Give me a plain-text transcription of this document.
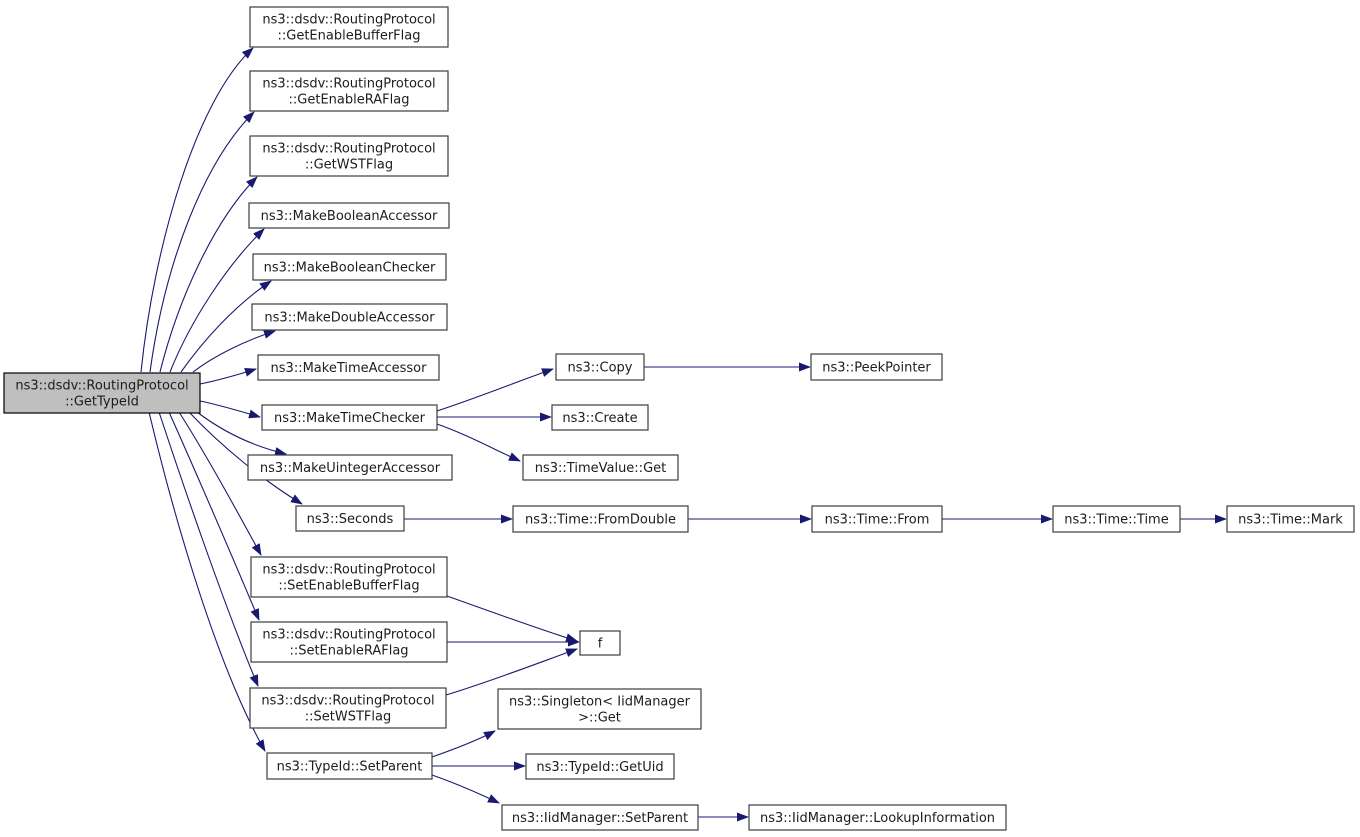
ns3::dsdv::RoutingProtocol
::GetTypeId
ns3::dsdv::RoutingProtocol
::GetEnableBufferFlag
ns3::dsdv::RoutingProtocol
::GetEnableRAFlag
ns3::dsdv::RoutingProtocol
::GetWSTFlag
ns3::MakeBooleanAccessor
ns3::MakeBooleanChecker
ns3::MakeDoubleAccessor
ns3::MakeTimeAccessor
ns3::MakeTimeChecker
ns3::MakeUintegerAccessor
ns3::Seconds
ns3::dsdv::RoutingProtocol
::SetEnableBufferFlag
ns3::dsdv::RoutingProtocol
::SetEnableRAFlag
ns3::dsdv::RoutingProtocol
::SetWSTFlag
ns3::TypeId::SetParent
ns3::Copy
ns3::Create
ns3::TimeValue::Get
ns3::Time::FromDouble
f
ns3::Singleton< IidManager
>::Get
ns3::TypeId::GetUid
ns3::IidManager::SetParent
ns3::PeekPointer
ns3::Time::From	ns3::Time::Time	ns3::Time::Mark
ns3::IidManager::LookupInformation
